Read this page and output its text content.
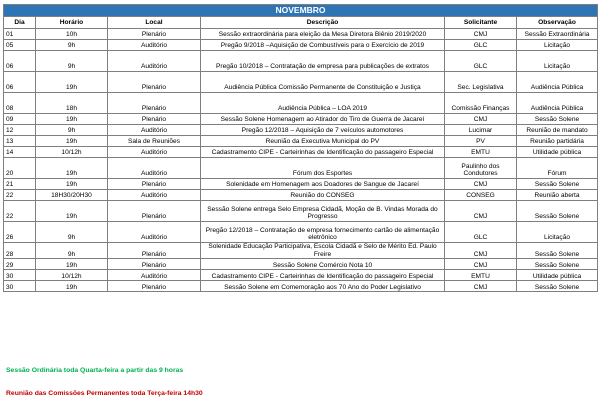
NOVEMBRO					
Dia	Horário	Local	Descrição	Solicitante	Observação
01	10h	Plenário	Sessão extraordinária para eleição da Mesa Diretora Biênio 2019/2020	CMJ	Sessão Extraordinária
05	9h	Auditório	Pregão 9/2018 –Aquisição de Combustíveis para o Exercício de 2019	GLC	Licitação
06	9h	Auditório	Pregão 10/2018 – Contratação de empresa para publicações de extratos	GLC	Licitação
06	19h	Plenário	Audiência Pública Comissão Permanente de Constituição e Justiça	Sec. Legislativa	Audiência Pública
08	18h	Plenário	Audiência Pública – LOA 2019	Comissão Finanças	Audiência Pública
09	19h	Plenário	Sessão Solene Homenagem ao Atirador do Tiro de Guerra de Jacareí	CMJ	Sessão Solene
12	9h	Auditório	Pregão 12/2018 – Aquisição de 7 veículos automotores	Lucimar	Reunião de mandato
13	19h	Sala de Reuniões	Reunião da Executiva Municipal do PV	PV	Reunião partidária
14	10/12h	Auditório	Cadastramento CIPE - Carteirinhas de Identificação do passageiro Especial	EMTU	Utilidade pública
20	19h	Auditório	Fórum dos Esportes	Paulinho dos Condutores	Fórum
21	19h	Plenário	Solenidade em Homenagem aos Doadores de Sangue de Jacareí	CMJ	Sessão Solene
22	18H30/20H30	Auditório	Reunião do CONSEG	CONSEG	Reunião aberta
22	19h	Plenário	Sessão Solene entrega Selo Empresa Cidadã, Moção de B. Vindas Morada do Progresso	CMJ	Sessão Solene
26	9h	Auditório	Pregão 12/2018 – Contratação de empresa fornecimento cartão de alimentação eletrônico	GLC	Licitação
28	9h	Plenário	Solenidade Educação Participativa, Escola Cidadã e Selo de Mérito Ed. Paulo Freire	CMJ	Sessão Solene
29	19h	Plenário	Sessão Solene Comércio Nota 10	CMJ	Sessão Solene
30	10/12h	Auditório	Cadastramento CIPE - Carteirinhas de Identificação do passageiro Especial	EMTU	Utilidade pública
30	19h	Plenário	Sessão Solene em Comemoração aos 70 Ano do Poder Legislativo	CMJ	Sessão Solene
Sessão Ordinária toda Quarta-feira a partir das 9 horas
Reunião das Comissões Permanentes toda Terça-feira 14h30
